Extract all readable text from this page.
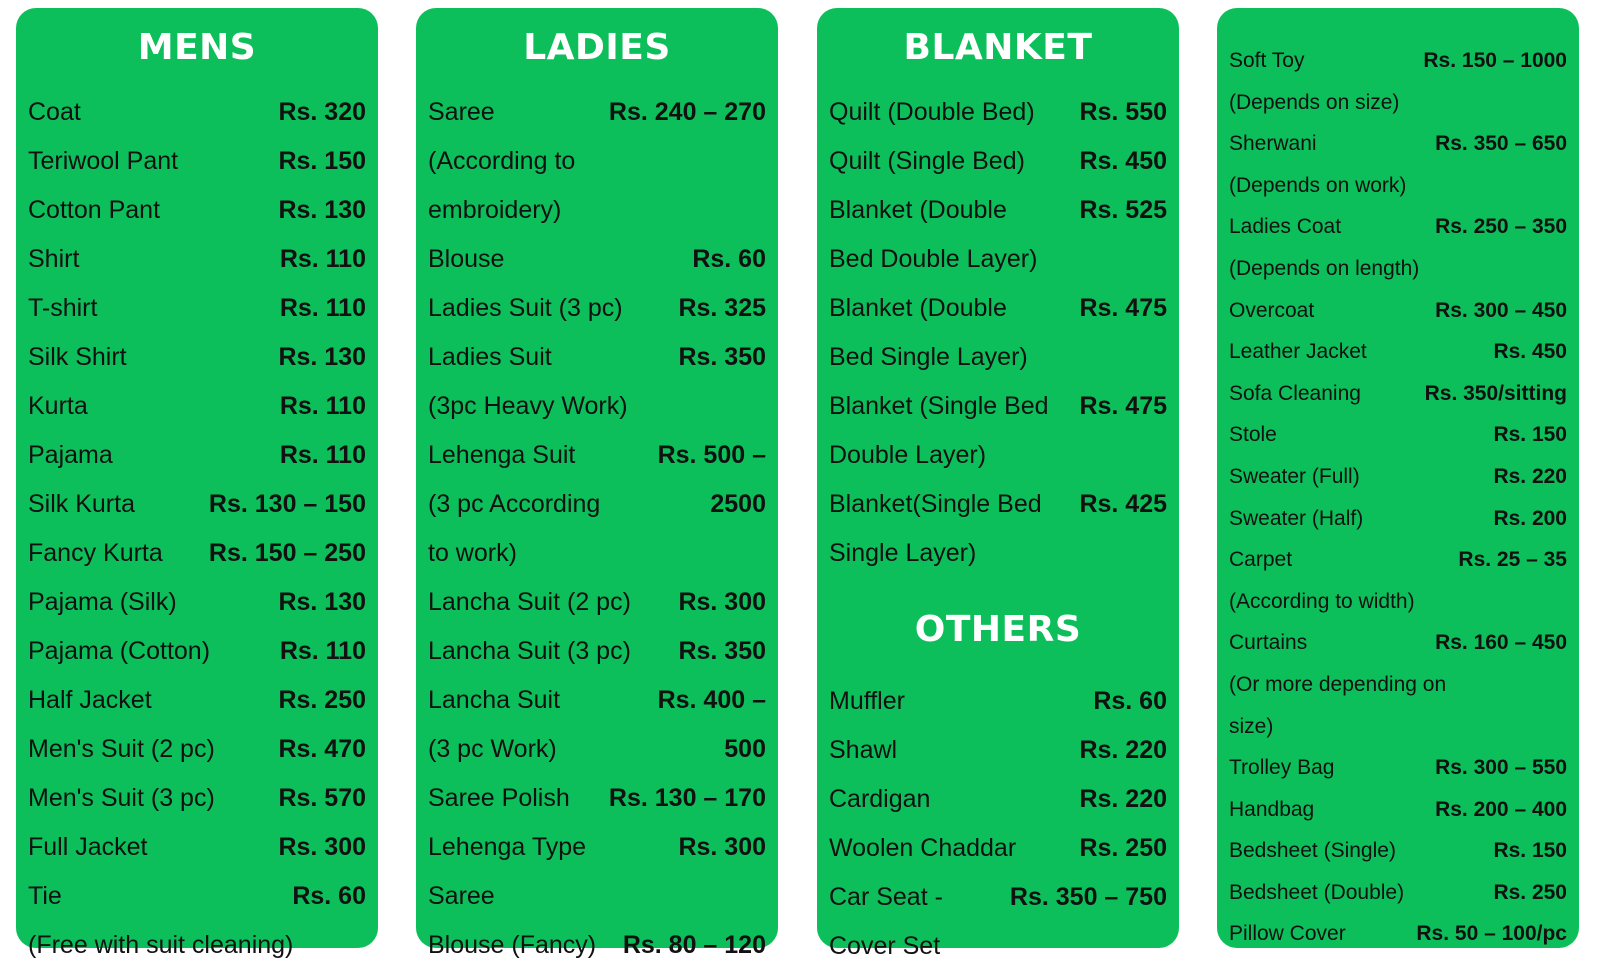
MENS
Coat	Rs. 320
Teriwool Pant	Rs. 150
Cotton Pant	Rs. 130
Shirt	Rs. 110
T-shirt	Rs. 110
Silk Shirt	Rs. 130
Kurta	Rs. 110
Pajama	Rs. 110
Silk Kurta	Rs. 130 – 150
Fancy Kurta Rs. 150 – 250
Pajama (Silk)	Rs. 130
Pajama (Cotton)	Rs. 110
Half Jacket	Rs. 250
Men's Suit (2 pc)	Rs. 470
Men's Suit (3 pc)	Rs. 570
Full Jacket	Rs. 300
Tie	Rs. 60
(Free with suit cleaning)
LADIES
Saree	Rs. 240 – 270
(According to
embroidery)
Blouse	Rs. 60
Ladies Suit (3 pc) Rs. 325
Ladies Suit	Rs. 350
(3pc Heavy Work)
Lehenga Suit	Rs. 500 –
(3 pc According	2500
to work)
Lancha Suit (2 pc) Rs. 300
Lancha Suit (3 pc) Rs. 350
Lancha Suit	Rs. 400 –
(3 pc Work)	500
Saree Polish Rs. 130 – 170
Lehenga Type	Rs. 300
Saree
Blouse (Fancy) Rs. 80 – 120
BLANKET
Quilt (Double Bed) Rs. 550
Quilt (Single Bed) Rs. 450
Blanket (Double	Rs. 525
Bed Double Layer)
Blanket (Double	Rs. 475
Bed Single Layer)
Blanket (Single Bed Rs. 475
Double Layer)
Blanket(Single Bed Rs. 425
Single Layer)
OTHERS
Muffler	Rs. 60
Shawl	Rs. 220
Cardigan	Rs. 220
Woolen Chaddar	Rs. 250
Car Seat -	Rs. 350 – 750
Cover Set
Soft Toy	Rs. 150 – 1000
(Depends on size)
Sherwani	Rs. 350 – 650
(Depends on work)
Ladies Coat	Rs. 250 – 350
(Depends on length)
Overcoat	Rs. 300 – 450
Leather Jacket	Rs. 450
Sofa Cleaning	Rs. 350/sitting
Stole	Rs. 150
Sweater (Full)	Rs. 220
Sweater (Half)	Rs. 200
Carpet	Rs. 25 – 35
(According to width)
Curtains	Rs. 160 – 450
(Or more depending on
size)
Trolley Bag	Rs. 300 – 550
Handbag	Rs. 200 – 400
Bedsheet (Single)	Rs. 150
Bedsheet (Double)	Rs. 250
Pillow Cover	Rs. 50 – 100/pc
